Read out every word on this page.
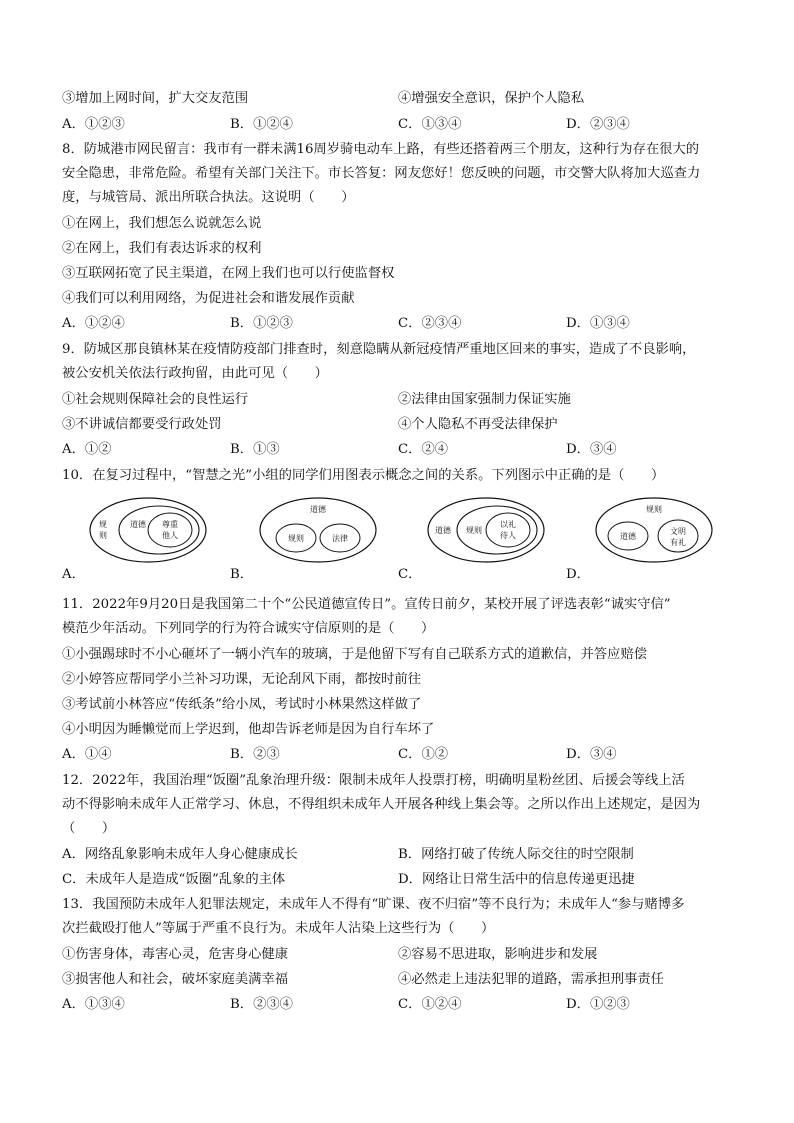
③增加上网时间，扩大交友范围	④增强安全意识，保护个人隐私
A．①②③	B．①②④	C．①③④	D．②③④
8．防城港市网民留言：我市有一群未满16周岁骑电动车上路，有些还搭着两三个朋友，这种行为存在很大的
安全隐患，非常危险。希望有关部门关注下。市长答复：网友您好！您反映的问题，市交警大队将加大巡查力
度，与城管局、派出所联合执法。这说明（　　）
①在网上，我们想怎么说就怎么说
②在网上，我们有表达诉求的权利
③互联网拓宽了民主渠道，在网上我们也可以行使监督权
④我们可以利用网络，为促进社会和谐发展作贡献
A．①②④	B．①②③	C．②③④	D．①③④
9．防城区那良镇林某在疫情防疫部门排查时，刻意隐瞒从新冠疫情严重地区回来的事实，造成了不良影响，
被公安机关依法行政拘留，由此可见（　　）
①社会规则保障社会的良性运行	②法律由国家强制力保证实施
③不讲诚信都要受行政处罚	④个人隐私不再受法律保护
A．①②	B．①③	C．②④	D．③④
10．在复习过程中，“智慧之光”小组的同学们用图表示概念之间的关系。下列图示中正确的是（　　）
规则
道德 尊重
他人
A．
道德
规则	法律
B．
道德 规则
以礼
待人
C．
规则
道德
文明
有礼
D．
11．2022年9月20日是我国第二十个“公民道德宣传日”。宣传日前夕，某校开展了评选表彰“诚实守信”
模范少年活动。下列同学的行为符合诚实守信原则的是（　　）
①小强踢球时不小心砸坏了一辆小汽车的玻璃，于是他留下写有自己联系方式的道歉信，并答应赔偿
②小婷答应帮同学小兰补习功课，无论刮风下雨，都按时前往
③考试前小林答应“传纸条”给小凤，考试时小林果然这样做了
④小明因为睡懒觉而上学迟到，他却告诉老师是因为自行车坏了
A．①④	B．②③	C．①②	D．③④
12．2022年，我国治理“饭圈”乱象治理升级：限制未成年人投票打榜，明确明星粉丝团、后援会等线上活
动不得影响未成年人正常学习、休息，不得组织未成年人开展各种线上集会等。之所以作出上述规定，是因为
（　　）
A．网络乱象影响未成年人身心健康成长	B．网络打破了传统人际交往的时空限制
C．未成年人是造成“饭圈”乱象的主体	D．网络让日常生活中的信息传递更迅捷
13．我国预防未成年人犯罪法规定，未成年人不得有“旷课、夜不归宿”等不良行为；未成年人“参与赌博多
次拦截殴打他人”等属于严重不良行为。未成年人沾染上这些行为（　　）
①伤害身体，毒害心灵，危害身心健康	②容易不思进取，影响进步和发展
③损害他人和社会，破坏家庭美满幸福	④必然走上违法犯罪的道路，需承担刑事责任
A．①③④	B．②③④	C．①②④	D．①②③
